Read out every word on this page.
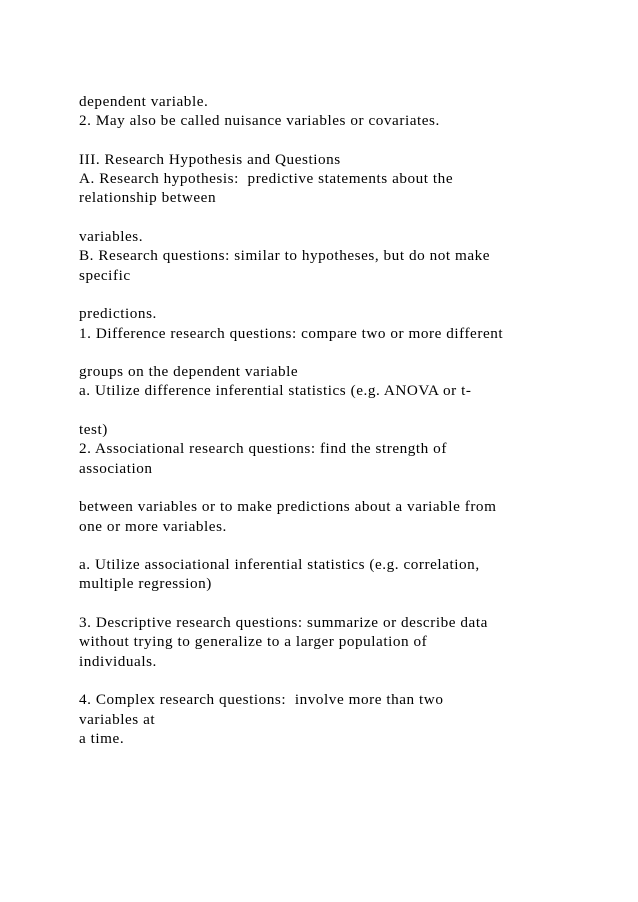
dependent variable.
2. May also be called nuisance variables or covariates.
III. Research Hypothesis and Questions
A. Research hypothesis:  predictive statements about the
relationship between
variables.
B. Research questions: similar to hypotheses, but do not make
specific
predictions.
1. Difference research questions: compare two or more different
groups on the dependent variable
a. Utilize difference inferential statistics (e.g. ANOVA or t-
test)
2. Associational research questions: find the strength of
association
between variables or to make predictions about a variable from
one or more variables.
a. Utilize associational inferential statistics (e.g. correlation,
multiple regression)
3. Descriptive research questions: summarize or describe data
without trying to generalize to a larger population of
individuals.
4. Complex research questions:  involve more than two
variables at
a time.
